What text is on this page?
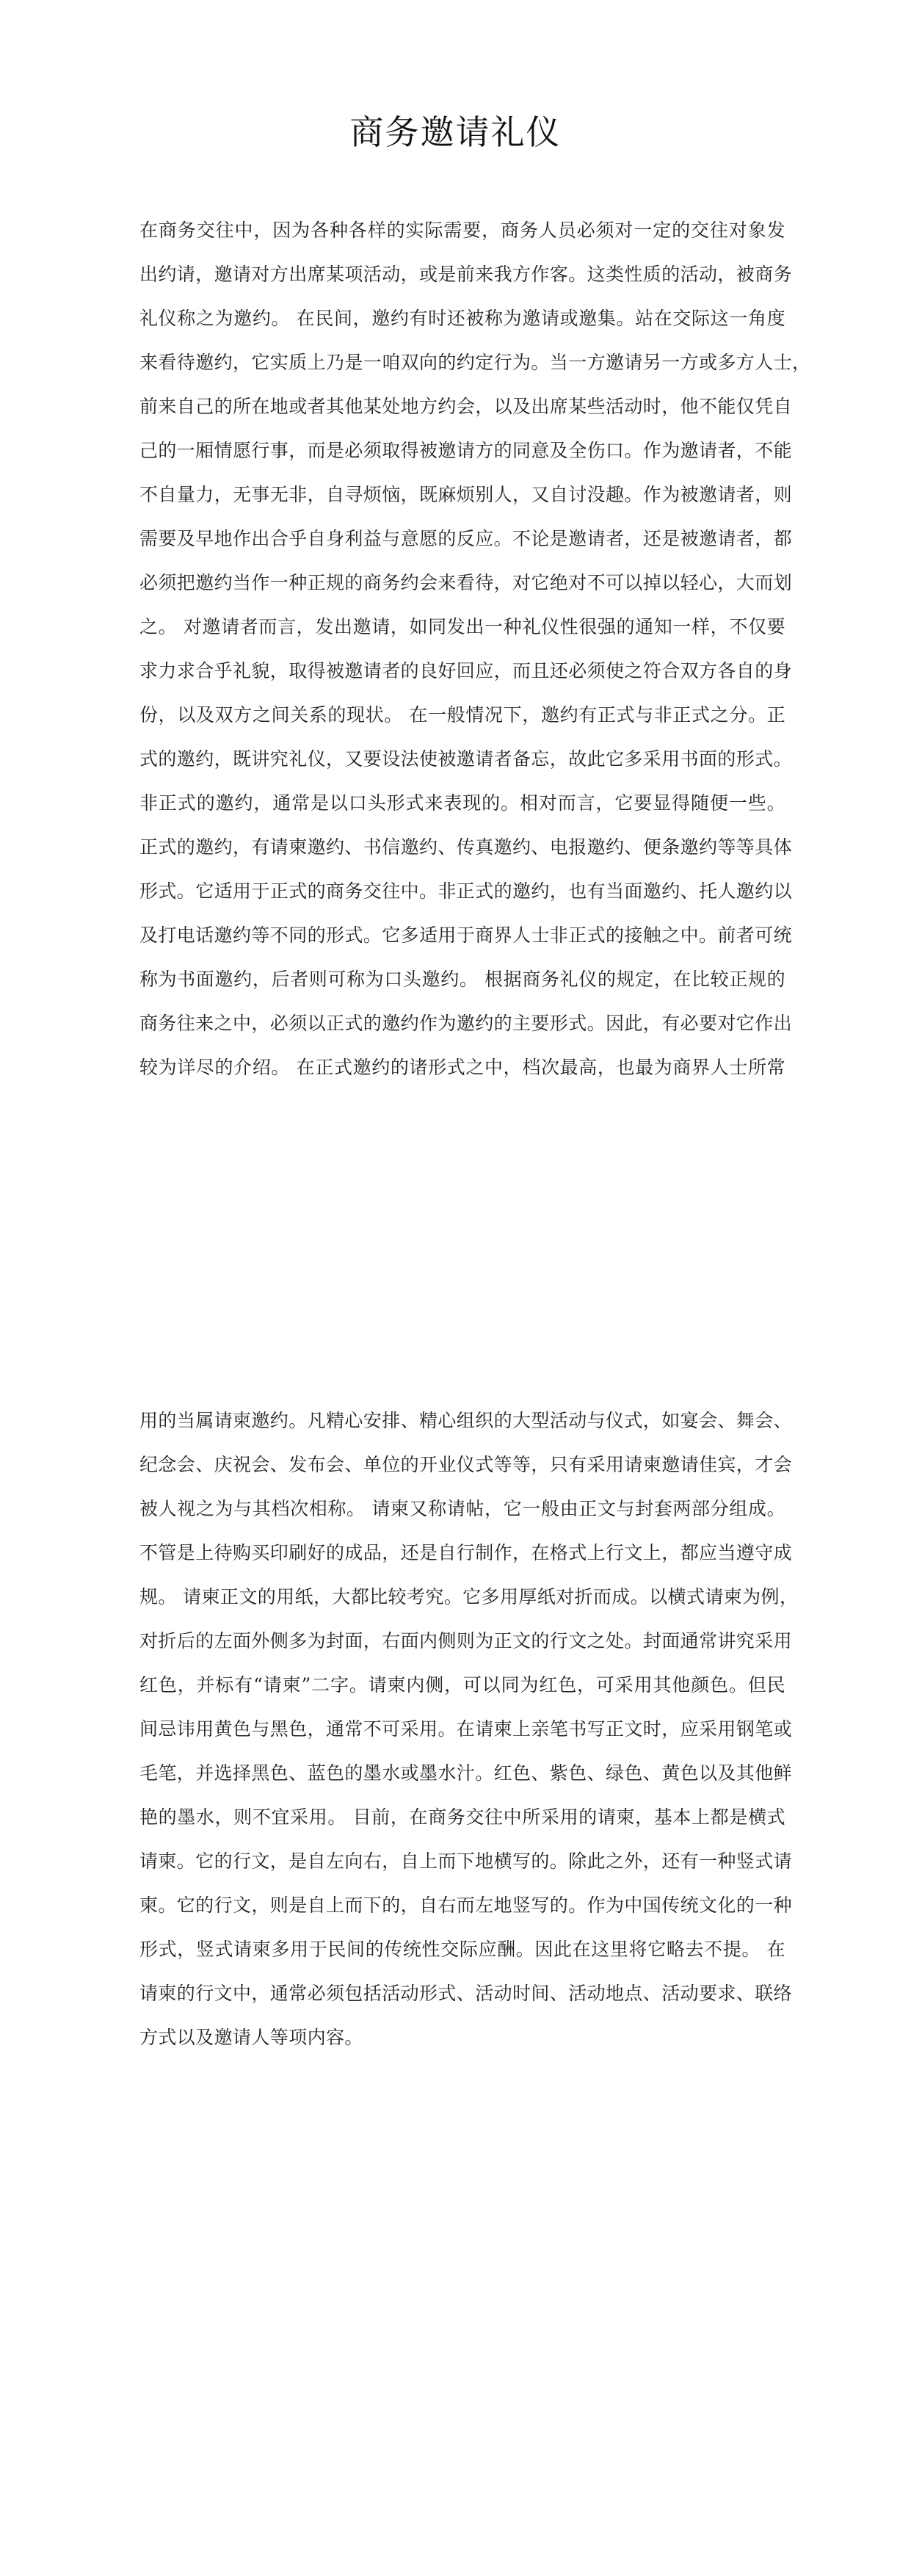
商务邀请礼仪
在商务交往中，因为各种各样的实际需要，商务人员必须对一定的交往对象发
出约请，邀请对方出席某项活动，或是前来我方作客。这类性质的活动，被商务
礼仪称之为邀约。 在民间，邀约有时还被称为邀请或邀集。站在交际这一角度
来看待邀约，它实质上乃是一咱双向的约定行为。当一方邀请另一方或多方人士，
前来自己的所在地或者其他某处地方约会，以及出席某些活动时，他不能仅凭自
己的一厢情愿行事，而是必须取得被邀请方的同意及全伤口。作为邀请者，不能
不自量力，无事无非，自寻烦恼，既麻烦别人，又自讨没趣。作为被邀请者，则
需要及早地作出合乎自身利益与意愿的反应。不论是邀请者，还是被邀请者，都
必须把邀约当作一种正规的商务约会来看待，对它绝对不可以掉以轻心，大而划
之。 对邀请者而言，发出邀请，如同发出一种礼仪性很强的通知一样，不仅要
求力求合乎礼貌，取得被邀请者的良好回应，而且还必须使之符合双方各自的身
份，以及双方之间关系的现状。 在一般情况下，邀约有正式与非正式之分。正
式的邀约，既讲究礼仪，又要设法使被邀请者备忘，故此它多采用书面的形式。
非正式的邀约，通常是以口头形式来表现的。相对而言，它要显得随便一些。
正式的邀约，有请柬邀约、书信邀约、传真邀约、电报邀约、便条邀约等等具体
形式。它适用于正式的商务交往中。非正式的邀约，也有当面邀约、托人邀约以
及打电话邀约等不同的形式。它多适用于商界人士非正式的接触之中。前者可统
称为书面邀约，后者则可称为口头邀约。 根据商务礼仪的规定，在比较正规的
商务往来之中，必须以正式的邀约作为邀约的主要形式。因此，有必要对它作出
较为详尽的介绍。 在正式邀约的诸形式之中，档次最高，也最为商界人士所常
用的当属请柬邀约。凡精心安排、精心组织的大型活动与仪式，如宴会、舞会、
纪念会、庆祝会、发布会、单位的开业仪式等等，只有采用请柬邀请佳宾，才会
被人视之为与其档次相称。 请柬又称请帖，它一般由正文与封套两部分组成。
不管是上待购买印刷好的成品，还是自行制作，在格式上行文上，都应当遵守成
规。 请柬正文的用纸，大都比较考究。它多用厚纸对折而成。以横式请柬为例，
对折后的左面外侧多为封面，右面内侧则为正文的行文之处。封面通常讲究采用
红色，并标有“请柬”二字。请柬内侧，可以同为红色，可采用其他颜色。但民
间忌讳用黄色与黑色，通常不可采用。在请柬上亲笔书写正文时，应采用钢笔或
毛笔，并选择黑色、蓝色的墨水或墨水汁。红色、紫色、绿色、黄色以及其他鲜
艳的墨水，则不宜采用。 目前，在商务交往中所采用的请柬，基本上都是横式
请柬。它的行文，是自左向右，自上而下地横写的。除此之外，还有一种竖式请
柬。它的行文，则是自上而下的，自右而左地竖写的。作为中国传统文化的一种
形式，竖式请柬多用于民间的传统性交际应酬。因此在这里将它略去不提。 在
请柬的行文中，通常必须包括活动形式、活动时间、活动地点、活动要求、联络
方式以及邀请人等项内容。
